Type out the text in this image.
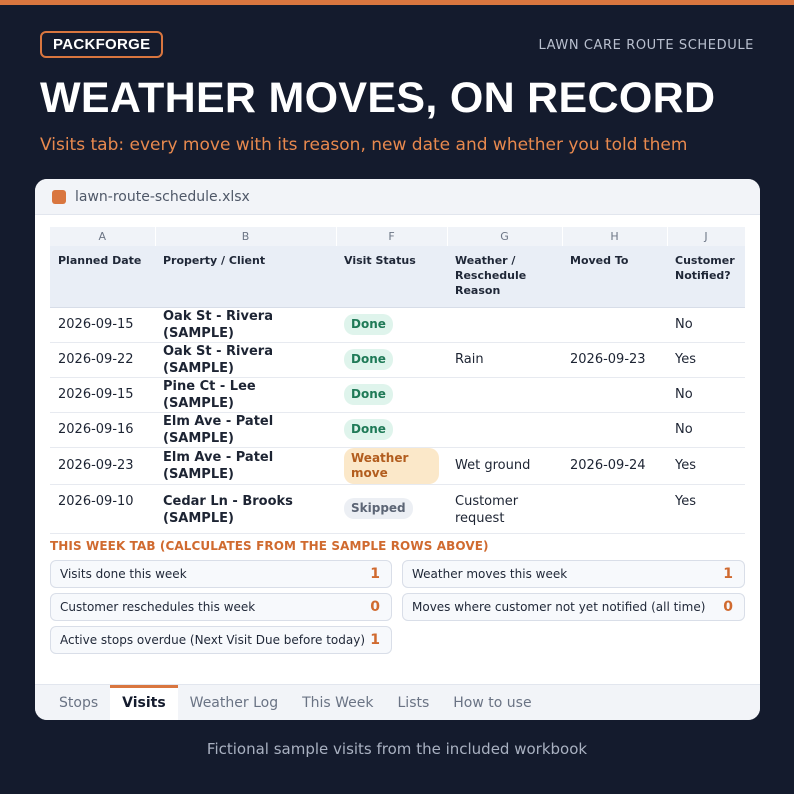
PACKFORGE	LAWN CARE ROUTE SCHEDULE
WEATHER MOVES, ON RECORD
Visits tab: every move with its reason, new date and whether you told them
lawn-route-schedule.xlsx
A	B	F	G	H	J
Planned Date	Property / Client	Visit Status	Weather / Reschedule Reason	Moved To	Customer Notified?
2026-09-15	Oak St - Rivera (SAMPLE)	Done			No
2026-09-22	Oak St - Rivera (SAMPLE)	Done	Rain	2026-09-23	Yes
2026-09-15	Pine Ct - Lee (SAMPLE)	Done			No
2026-09-16	Elm Ave - Patel (SAMPLE)	Done			No
2026-09-23	Elm Ave - Patel (SAMPLE)	Weather move	Wet ground	2026-09-24	Yes
2026-09-10	Cedar Ln - Brooks (SAMPLE)	Skipped	Customer request		Yes
THIS WEEK TAB (CALCULATES FROM THE SAMPLE ROWS ABOVE)
Visits done this week	1	Weather moves this week	1
Customer reschedules this week	0	Moves where customer not yet notified (all time) 0
Active stops overdue (Next Visit Due before today) 1
Stops	Visits	Weather Log	This Week	Lists	How to use
Fictional sample visits from the included workbook
